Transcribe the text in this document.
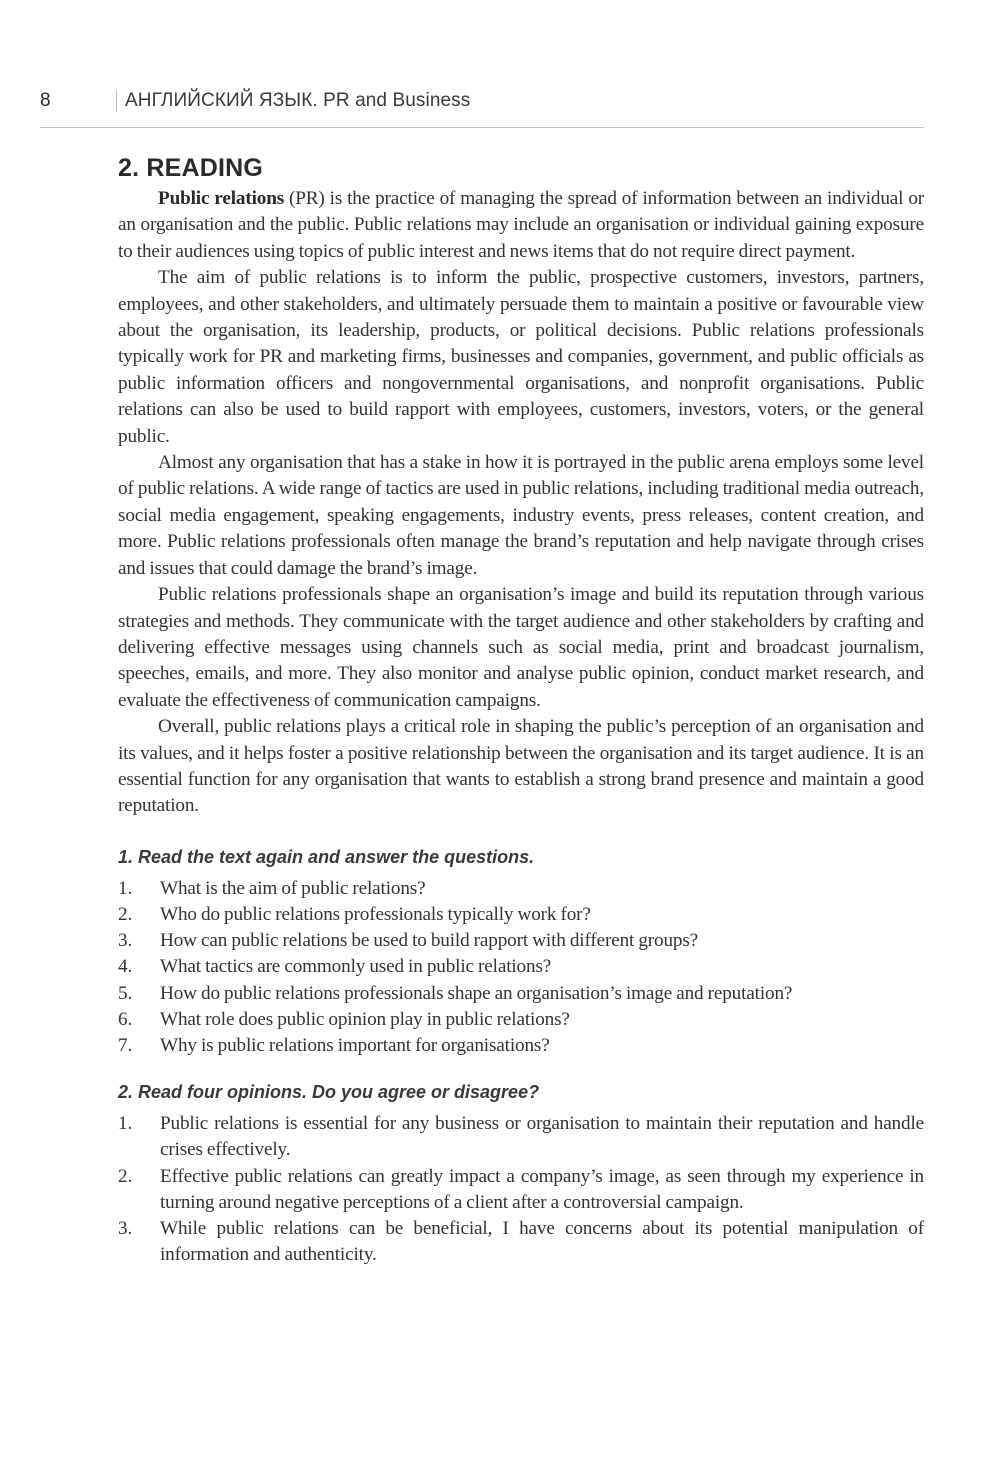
8	АНГЛИЙСКИЙ ЯЗЫК. PR and Business
2. READING

Public relations (PR) is the practice of managing the spread of information between an individual or an organisation and the public. Public relations may include an organisation or individual gaining exposure to their audiences using topics of public interest and news items that do not require direct payment.

The aim of public relations is to inform the public, prospective customers, investors, partners, employees, and other stakeholders, and ultimately persuade them to maintain a positive or favourable view about the organisation, its leadership, products, or political decisions. Public relations professionals typically work for PR and marketing firms, businesses and companies, government, and public officials as public information officers and nongovernmental organisations, and nonprofit organisations. Public relations can also be used to build rapport with employees, customers, investors, voters, or the general public.

Almost any organisation that has a stake in how it is portrayed in the public arena employs some level of public relations. A wide range of tactics are used in public relations, including traditional media outreach, social media engagement, speaking engagements, industry events, press releases, content creation, and more. Public relations professionals often manage the brand’s reputation and help navigate through crises and issues that could damage the brand’s image.

Public relations professionals shape an organisation’s image and build its reputation through various strategies and methods. They communicate with the target audience and other stakeholders by crafting and delivering effective messages using channels such as social media, print and broadcast journalism, speeches, emails, and more. They also monitor and analyse public opinion, conduct market research, and evaluate the effectiveness of communication campaigns.

Overall, public relations plays a critical role in shaping the public’s perception of an organisation and its values, and it helps foster a positive relationship between the organisation and its target audience. It is an essential function for any organisation that wants to establish a strong brand presence and maintain a good reputation.

1. Read the text again and answer the questions.
1.	What is the aim of public relations?
2.	Who do public relations professionals typically work for?
3.	How can public relations be used to build rapport with different groups?
4.	What tactics are commonly used in public relations?
5.	How do public relations professionals shape an organisation’s image and reputation?
6.	What role does public opinion play in public relations?
7.	Why is public relations important for organisations?
2. Read four opinions. Do you agree or disagree?
1.	Public relations is essential for any business or organisation to maintain their reputation and handle crises effectively.
2.	Effective public relations can greatly impact a company’s image, as seen through my experience in turning around negative perceptions of a client after a controversial campaign.
3.	While public relations can be beneficial, I have concerns about its potential manipulation of information and authenticity.
